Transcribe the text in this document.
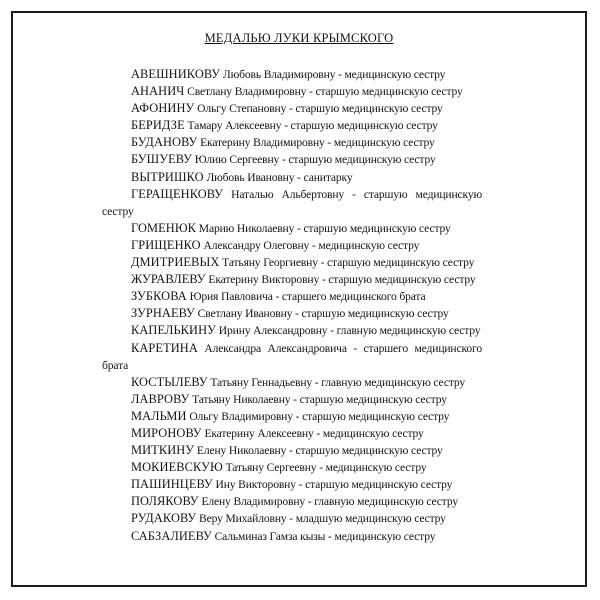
МЕДАЛЬЮ ЛУКИ КРЫМСКОГО
АВЕШНИКОВУ Любовь Владимировну - медицинскую сестру
АНАНИЧ Светлану Владимировну - старшую медицинскую сестру
АФОНИНУ Ольгу Степановну - старшую медицинскую сестру
БЕРИДЗЕ Тамару Алексеевну - старшую медицинскую сестру
БУДАНОВУ Екатерину Владимировну - медицинскую сестру
БУШУЕВУ Юлию Сергеевну - старшую медицинскую сестру
ВЫТРИШКО Любовь Ивановну - санитарку
ГЕРАЩЕНКОВУ Наталью Альбертовну - старшую медицинскую сестру
ГОМЕНЮК Марию Николаевну - старшую медицинскую сестру
ГРИЩЕНКО Александру Олеговну - медицинскую сестру
ДМИТРИЕВЫХ Татьяну Георгиевну - старшую медицинскую сестру
ЖУРАВЛЕВУ Екатерину Викторовну - старшую медицинскую сестру
ЗУБКОВА Юрия Павловича - старшего медицинского брата
ЗУРНАЕВУ Светлану Ивановну - старшую медицинскую сестру
КАПЕЛЬКИНУ Ирину Александровну - главную медицинскую сестру
КАРЕТИНА Александра Александровича - старшего медицинского брата
КОСТЫЛЕВУ Татьяну Геннадьевну - главную медицинскую сестру
ЛАВРОВУ Татьяну Николаевну - старшую медицинскую сестру
МАЛЬМИ Ольгу Владимировну - старшую медицинскую сестру
МИРОНОВУ Екатерину Алексеевну - медицинскую сестру
МИТКИНУ Елену Николаевну - старшую медицинскую сестру
МОКИЕВСКУЮ Татьяну Сергеевну - медицинскую сестру
ПАШИНЦЕВУ Ину Викторовну - старшую медицинскую сестру
ПОЛЯКОВУ Елену Владимировну - главную медицинскую сестру
РУДАКОВУ Веру Михайловну - младшую медицинскую сестру
САБЗАЛИЕВУ Сальминаз Гамза кызы - медицинскую сестру
